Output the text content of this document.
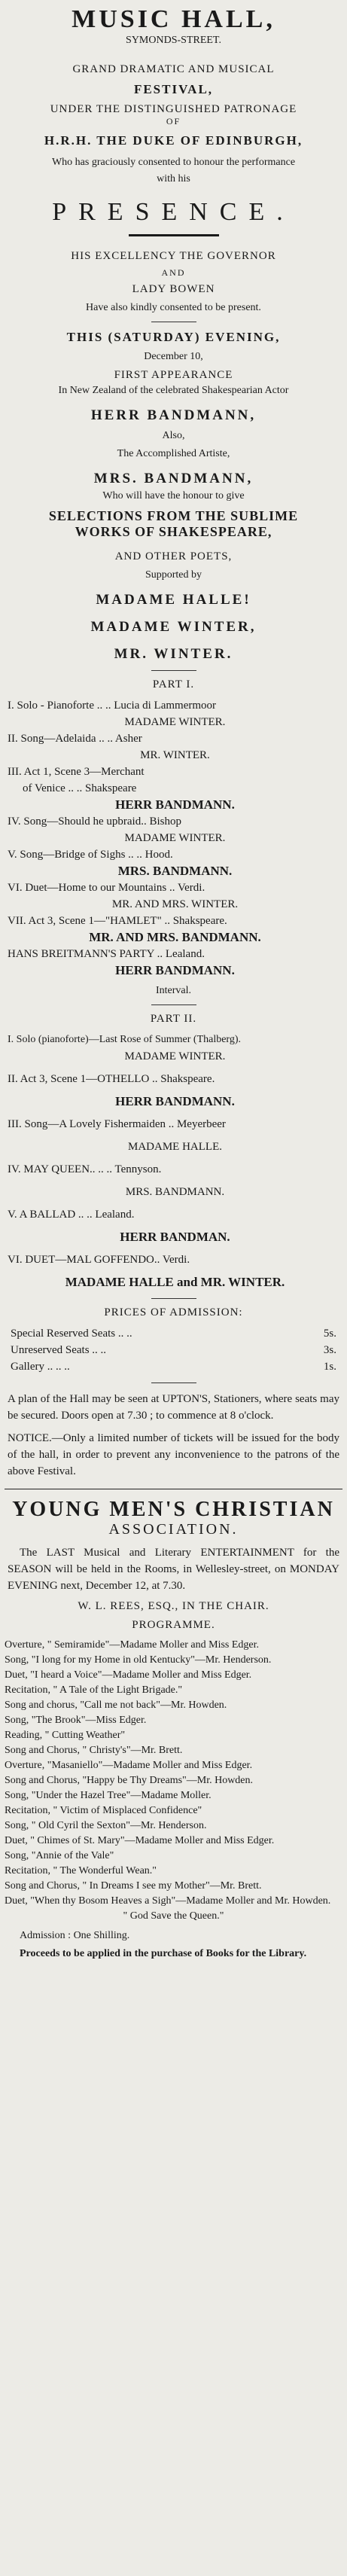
MUSIC HALL,
SYMONDS-STREET.
GRAND DRAMATIC AND MUSICAL
FESTIVAL,
UNDER THE DISTINGUISHED PATRONAGE
OF
H.R.H. THE DUKE OF EDINBURGH,
Who has graciously consented to honour the performance with his
PRESENCE.
HIS EXCELLENCY THE GOVERNOR
AND
LADY BOWEN
Have also kindly consented to be present.
THIS (SATURDAY) EVENING,
December 10,
FIRST APPEARANCE
In New Zealand of the celebrated Shakespearian Actor
HERR BANDMANN,
Also,
The Accomplished Artiste,
MRS. BANDMANN,
Who will have the honour to give
SELECTIONS FROM THE SUBLIME
WORKS OF SHAKESPEARE,
AND OTHER POETS,
Supported by
MADAME HALLE!
MADAME WINTER,
MR. WINTER.
PART I.
I. Solo - Pianoforte .. .. Lucia di Lammermoor
MADAME WINTER.
II. Song—Adelaida .. .. Asher
MR. WINTER.
III. Act 1, Scene 3—Merchant
of Venice .. .. Shakspeare
HERR BANDMANN.
IV. Song—Should he upbraid.. Bishop
MADAME WINTER.
V. Song—Bridge of Sighs .. .. Hood.
MRS. BANDMANN.
VI. Duet—Home to our Mountains .. Verdi.
MR. AND MRS. WINTER.
VII. Act 3, Scene 1—"HAMLET" .. Shakspeare.
MR. AND MRS. BANDMANN.
HANS BREITMANN'S PARTY .. Lealand.
HERR BANDMANN.
Interval.
PART II.
I. Solo (pianoforte)—Last Rose of Summer (Thalberg).
MADAME WINTER.
II. Act 3, Scene 1—OTHELLO .. Shakspeare.
HERR BANDMANN.
III. Song—A Lovely Fishermaiden .. Meyerbeer
MADAME HALLE.
IV. MAY QUEEN.. .. .. Tennyson.
MRS. BANDMANN.
V. A BALLAD .. .. Lealand.
HERR BANDMAN.
VI. DUET—MAL GOFFENDO.. Verdi.
MADAME HALLE and MR. WINTER.
PRICES OF ADMISSION:
Special Reserved Seats .. ..	5s.
Unreserved Seats .. ..	3s.
Gallery .. .. ..	1s.
A plan of the Hall may be seen at UPTON'S, Stationers, where seats may be secured. Doors open at 7.30 ; to commence at 8 o'clock.
NOTICE.—Only a limited number of tickets will be issued for the body of the hall, in order to prevent any inconvenience to the patrons of the above Festival.
YOUNG MEN'S CHRISTIAN
ASSOCIATION.
The LAST Musical and Literary ENTERTAINMENT for the SEASON will be held in the Rooms, in Wellesley-street, on MONDAY EVENING next, December 12, at 7.30.
W. L. REES, ESQ., IN THE CHAIR.
PROGRAMME.
Overture, " Semiramide"—Madame Moller and Miss Edger.
Song, "I long for my Home in old Kentucky"—Mr. Henderson.
Duet, "I heard a Voice"—Madame Moller and Miss Edger.
Recitation, " A Tale of the Light Brigade."
Song and chorus, "Call me not back"—Mr. Howden.
Song, "The Brook"—Miss Edger.
Reading, " Cutting Weather"
Song and Chorus, " Christy's"—Mr. Brett.
Overture, "Masaniello"—Madame Moller and Miss Edger.
Song and Chorus, "Happy be Thy Dreams"—Mr. Howden.
Song, "Under the Hazel Tree"—Madame Moller.
Recitation, " Victim of Misplaced Confidence"
Song, " Old Cyril the Sexton"—Mr. Henderson.
Duet, " Chimes of St. Mary"—Madame Moller and Miss Edger.
Song, "Annie of the Vale"
Recitation, " The Wonderful Wean."
Song and Chorus, " In Dreams I see my Mother"—Mr. Brett.
Duet, "When thy Bosom Heaves a Sigh"—Madame Moller and Mr. Howden.
" God Save the Queen."
Admission : One Shilling.
Proceeds to be applied in the purchase of Books for the Library.
